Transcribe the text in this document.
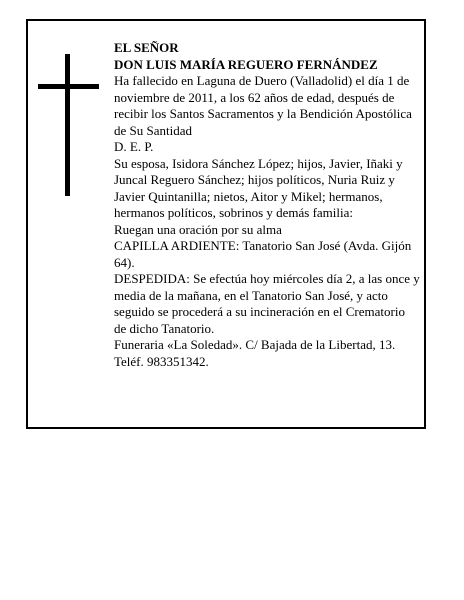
EL SEÑOR

DON LUIS MARÍA REGUERO FERNÁNDEZ

Ha fallecido en Laguna de Duero (Valladolid) el día 1 de noviembre de 2011, a los 62 años de edad, después de recibir los Santos Sacramentos y la Bendición Apostólica de Su Santidad

D. E. P.

Su esposa, Isidora Sánchez López; hijos, Javier, Iñaki y Juncal Reguero Sánchez; hijos políticos, Nuria Ruiz y Javier Quintanilla; nietos, Aitor y Mikel; hermanos, hermanos políticos, sobrinos y demás familia:

Ruegan una oración por su alma

CAPILLA ARDIENTE: Tanatorio San José (Avda. Gijón 64).

DESPEDIDA: Se efectúa hoy miércoles día 2, a las once y media de la mañana, en el Tanatorio San José, y acto seguido se procederá a su incineración en el Crematorio de dicho Tanatorio.

Funeraria «La Soledad». C/ Bajada de la Libertad, 13. Teléf. 983351342.
